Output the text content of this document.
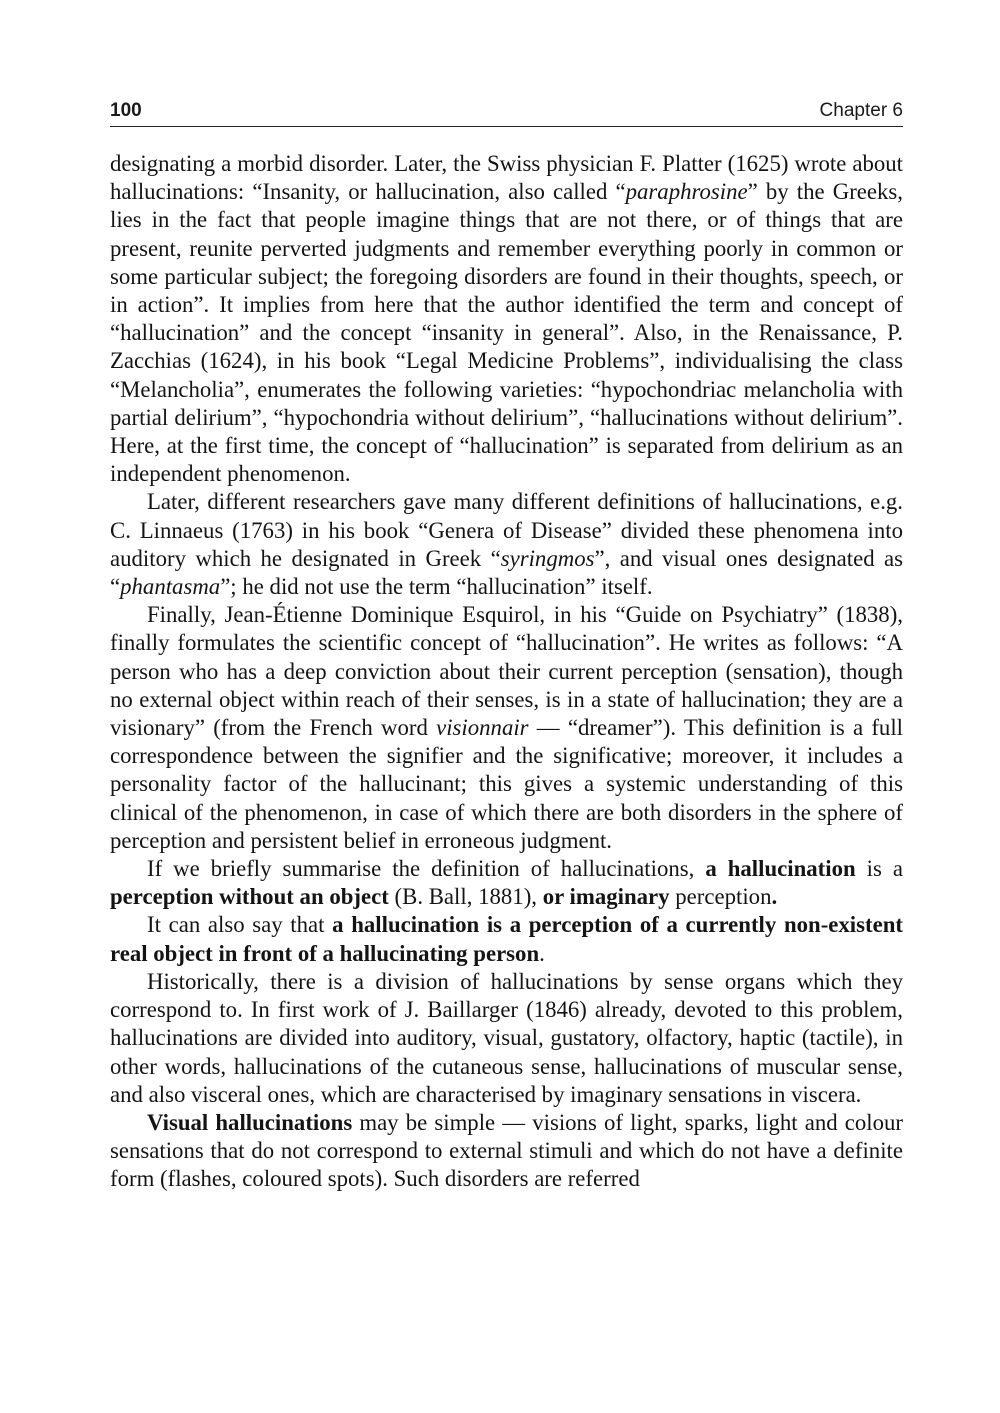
100	Chapter 6

designating a morbid disorder. Later, the Swiss physician F. Platter (1625) wrote about hallucinations: “Insanity, or hallucination, also called “paraphrosine” by the Greeks, lies in the fact that people imagine things that are not there, or of things that are present, reunite perverted judgments and remember everything poorly in common or some particular subject; the foregoing disorders are found in their thoughts, speech, or in action”. It implies from here that the author identified the term and concept of “hallucination” and the concept “insanity in general”. Also, in the Renaissance, P. Zacchias (1624), in his book “Legal Medicine Problems”, individualising the class “Melancholia”, enumerates the following varieties: “hypochondriac melancholia with partial delirium”, “hypochondria without delirium”, “hallucinations without delirium”. Here, at the first time, the concept of “hallucination” is separated from delirium as an independent phenomenon.

Later, different researchers gave many different definitions of hallucinations, e.g. C. Linnaeus (1763) in his book “Genera of Disease” divided these phenomena into auditory which he designated in Greek “syringmos”, and visual ones designated as “phantasma”; he did not use the term “hallucination” itself.

Finally, Jean-Étienne Dominique Esquirol, in his “Guide on Psychiatry” (1838), finally formulates the scientific concept of “hallucination”. He writes as follows: “A person who has a deep conviction about their current perception (sensation), though no external object within reach of their senses, is in a state of hallucination; they are a visionary” (from the French word visionnair — “dreamer”). This definition is a full correspondence between the signifier and the significative; moreover, it includes a personality factor of the hallucinant; this gives a systemic understanding of this clinical of the phenomenon, in case of which there are both disorders in the sphere of perception and persistent belief in erroneous judgment.

If we briefly summarise the definition of hallucinations, a hallucination is a perception without an object (B. Ball, 1881), or imaginary perception.

It can also say that a hallucination is a perception of a currently non-existent real object in front of a hallucinating person.

Historically, there is a division of hallucinations by sense organs which they correspond to. In first work of J. Baillarger (1846) already, devoted to this problem, hallucinations are divided into auditory, visual, gustatory, olfactory, haptic (tactile), in other words, hallucinations of the cutaneous sense, hallucinations of muscular sense, and also visceral ones, which are characterised by imaginary sensations in viscera.

Visual hallucinations may be simple — visions of light, sparks, light and colour sensations that do not correspond to external stimuli and which do not have a definite form (flashes, coloured spots). Such disorders are referred
